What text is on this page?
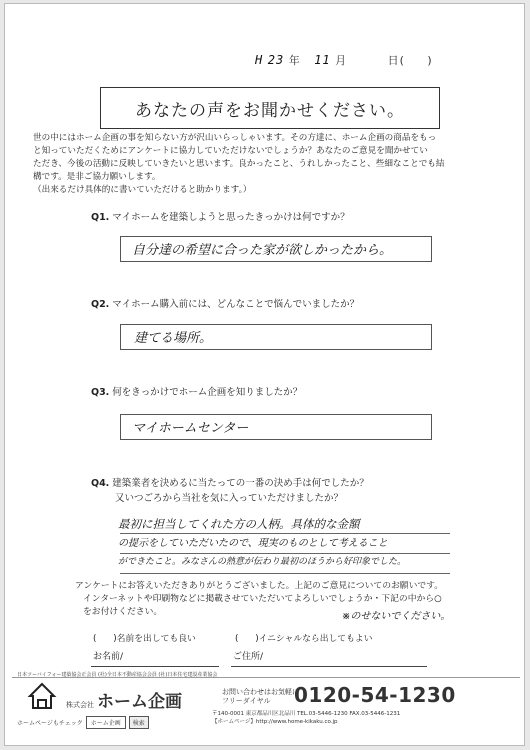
H 23 年 11 月	日( )
あなたの声をお聞かせください。
世の中にはホーム企画の事を知らない方が沢山いらっしゃいます。その方達に、ホーム企画の商品をもっ
と知っていただくためにアンケートに協力していただけないでしょうか？あなたのご意見を聞かせてい
ただき、今後の活動に反映していきたいと思います。良かったこと、うれしかったこと、些細なことでも結
構です。是非ご協力願いします。
（出来るだけ具体的に書いていただけると助かります。）
Q1. マイホームを建築しようと思ったきっかけは何ですか？
自分達の希望に合った家が欲しかったから。
Q2. マイホーム購入前には、どんなことで悩んでいましたか？
建てる場所。
Q3. 何をきっかけでホーム企画を知りましたか？
マイホームセンター
Q4. 建築業者を決めるに当たっての一番の決め手は何でしたか？
又いつごろから当社を気に入っていただけましたか？
最初に担当してくれた方の人柄。具体的な金額
の提示をしていただいたので、現実のものとして考えること
ができたこと。みなさんの熱意が伝わり最初のほうから好印象でした。
アンケートにお答えいただきありがとうございました。上記のご意見についてのお願いです。
インターネットや印刷物などに掲載させていただいてよろしいでしょうか・下記の中から○
をお付けください。	※のせないでください。
(      )名前を出しても良い	(      )イニシャルなら出してもよい
お名前/	ご住所/
日本ツーバイフォー建築協会正会員 (社)全日本不動産協会会員 (社)日本住宅建設産業協会
株式会社 ホーム企画	お問い合わせはお気軽に
フリーダイヤル	0120-54-1230
〒140-0001 東京都品川区北品川 TEL.03-5446-1230 FAX.03-5446-1231
【ホームページ】http://www.home-kikaku.co.jp
ホームページもチェック	ホーム企画	検索
